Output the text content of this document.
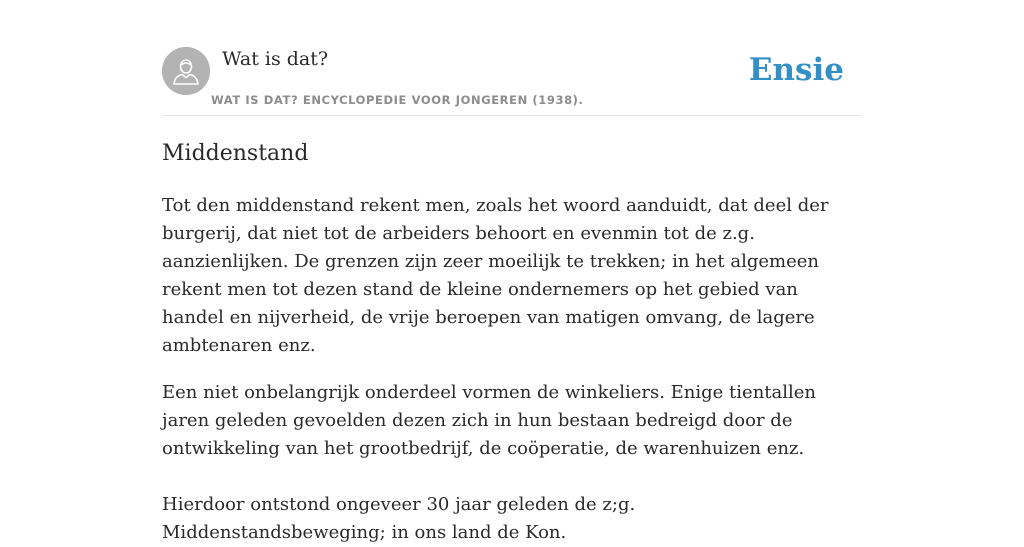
Wat is dat?
WAT IS DAT? ENCYCLOPEDIE VOOR JONGEREN (1938).
Ensie
Middenstand

Tot den middenstand rekent men, zoals het woord aanduidt, dat deel der burgerij, dat niet tot de arbeiders behoort en evenmin tot de z.g. aanzienlijken. De grenzen zijn zeer moeilijk te trekken; in het algemeen rekent men tot dezen stand de kleine ondernemers op het gebied van handel en nijverheid, de vrije beroepen van matigen omvang, de lagere ambtenaren enz.

Een niet onbelangrijk onderdeel vormen de winkeliers. Enige tientallen jaren geleden gevoelden dezen zich in hun bestaan bedreigd door de ontwikkeling van het grootbedrijf, de coöperatie, de warenhuizen enz.

Hierdoor ontstond ongeveer 30 jaar geleden de z;g. Middenstandsbeweging; in ons land de Kon.
